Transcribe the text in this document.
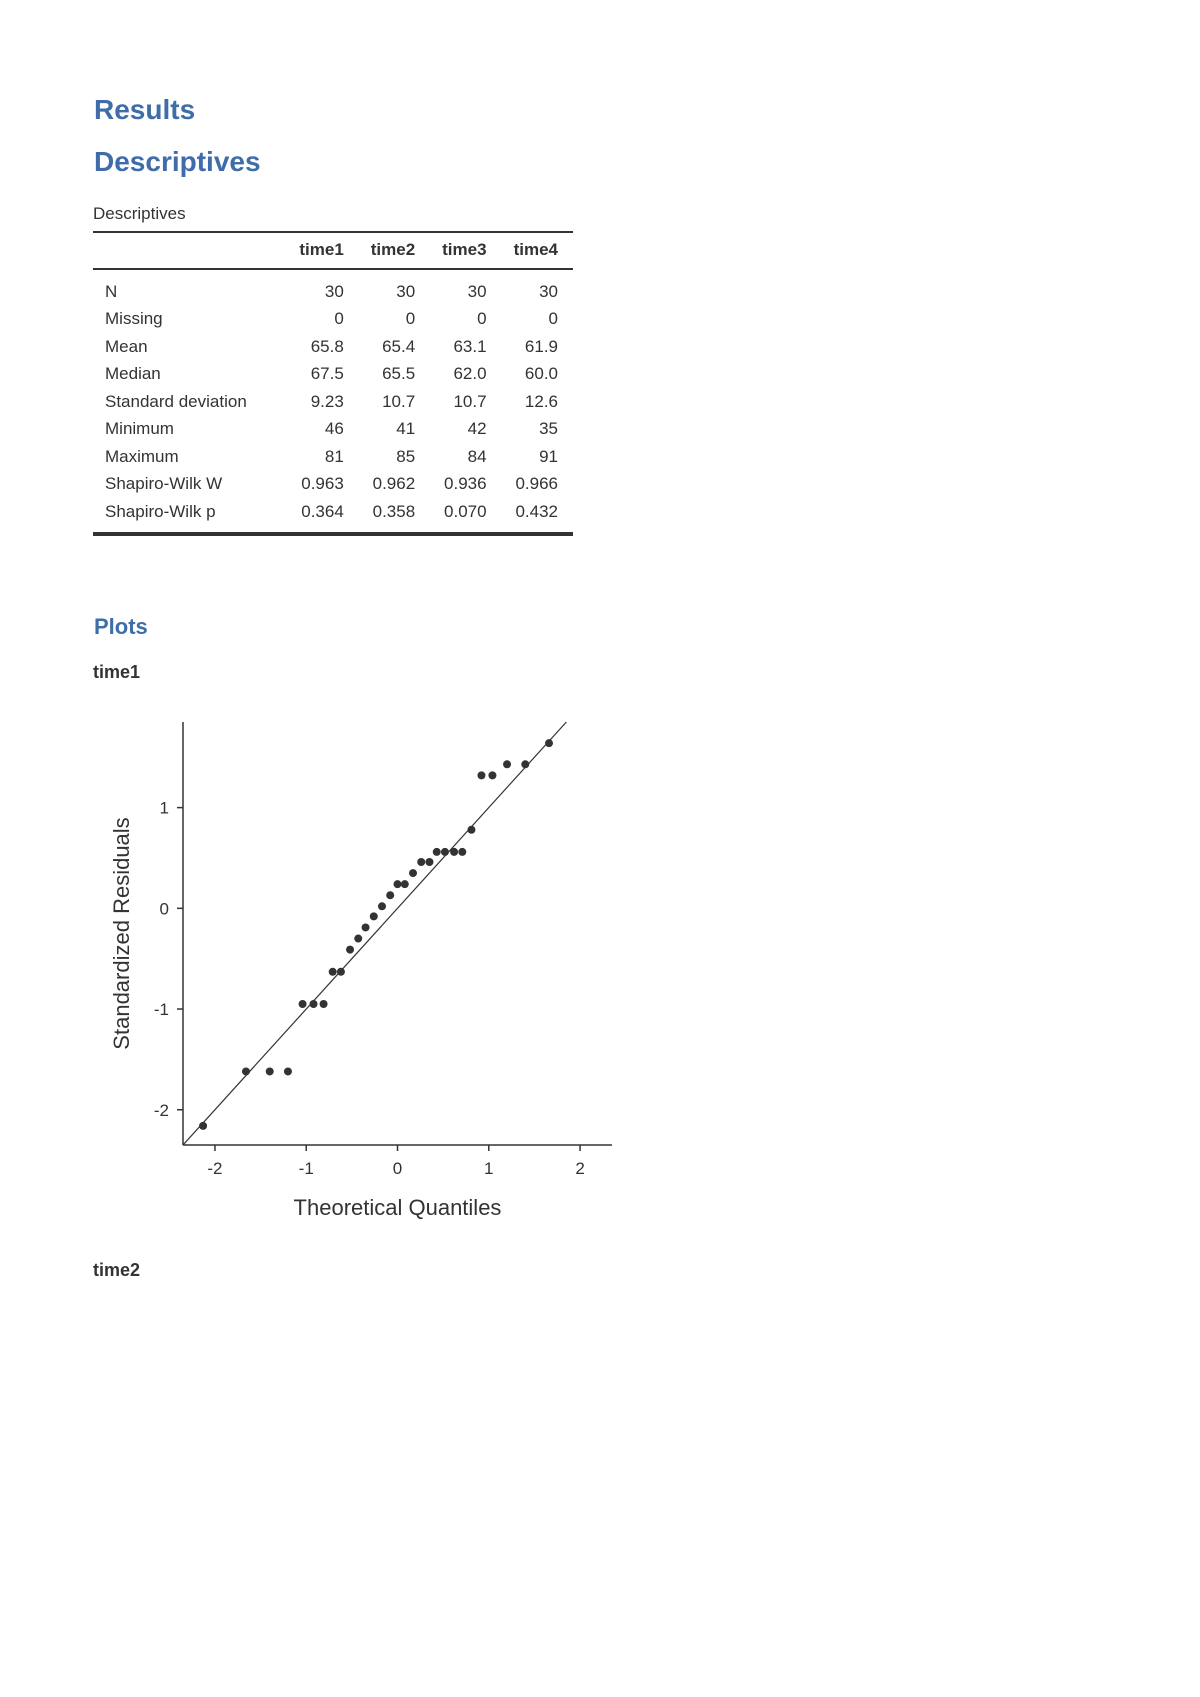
Results
Descriptives
Descriptives
	time1	time2	time3	time4
N	30	30	30	30
Missing	0	0	0	0
Mean	65.8	65.4	63.1	61.9
Median	67.5	65.5	62.0	60.0
Standard deviation	9.23	10.7	10.7	12.6
Minimum	46	41	42	35
Maximum	81	85	84	91
Shapiro-Wilk W	0.963	0.962	0.936	0.966
Shapiro-Wilk p	0.364	0.358	0.070	0.432
Plots
time1
-2	-1	0	1	2
-2
-1
0
1
Theoretical Quantiles
Standardized Residuals
time2
